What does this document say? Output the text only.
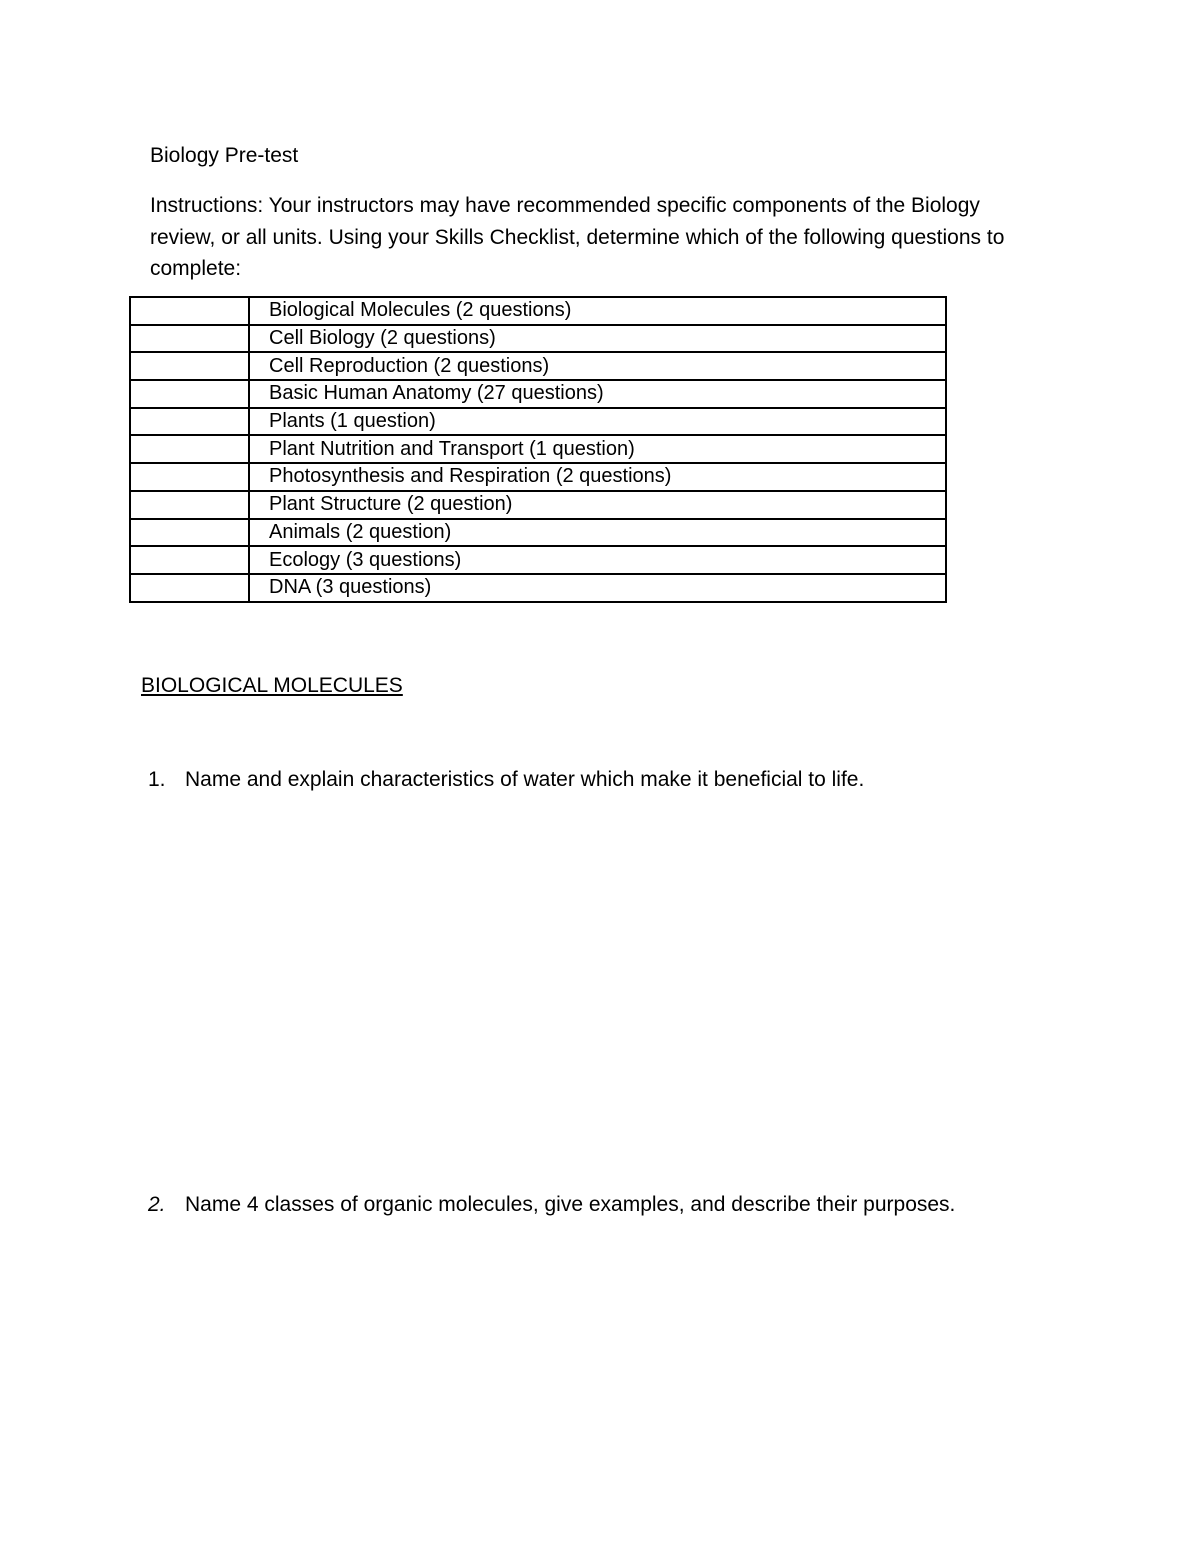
Biology Pre-test

Instructions: Your instructors may have recommended specific components of the Biology review, or all units. Using your Skills Checklist, determine which of the following questions to complete:

	Biological Molecules (2 questions)
	Cell Biology (2 questions)
	Cell Reproduction (2 questions)
	Basic Human Anatomy (27 questions)
	Plants (1 question)
	Plant Nutrition and Transport (1 question)
	Photosynthesis and Respiration (2 questions)
	Plant Structure (2 question)
	Animals (2 question)
	Ecology (3 questions)
	DNA (3 questions)
BIOLOGICAL MOLECULES
1. Name and explain characteristics of water which make it beneficial to life.
2. Name 4 classes of organic molecules, give examples, and describe their purposes.
